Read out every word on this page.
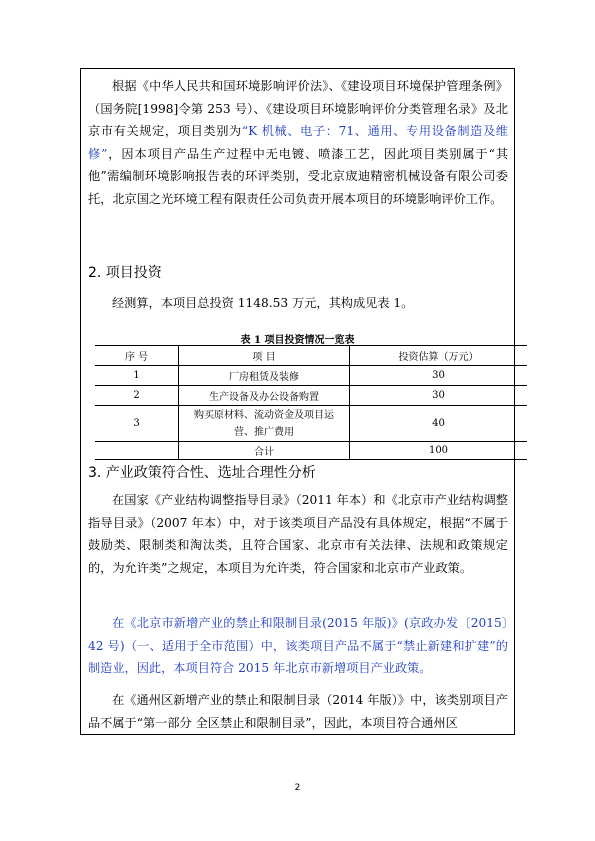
根据《中华人民共和国环境影响评价法》、《建设项目环境保护管理条例》（国务院[1998]令第 253 号）、《建设项目环境影响评价分类管理名录》及北京市有关规定，项目类别为“K 机械、电子：71、通用、专用设备制造及维修”，因本项目产品生产过程中无电镀、喷漆工艺，因此项目类别属于“其他”需编制环境影响报告表的环评类别，受北京宬迪精密机械设备有限公司委托，北京国之光环境工程有限责任公司负责开展本项目的环境影响评价工作。
2. 项目投资
经测算，本项目总投资 1148.53 万元，其构成见表 1。
表 1 项目投资情况一览表
序 号	项 目	投资估算（万元）
1	厂房租赁及装修	30
2	生产设备及办公设备购置	30
3	购买原材料、流动资金及项目运营、推广费用	40
	合计	100
3. 产业政策符合性、选址合理性分析
在国家《产业结构调整指导目录》（2011 年本）和《北京市产业结构调整指导目录》（2007 年本）中，对于该类项目产品没有具体规定，根据“不属于鼓励类、限制类和淘汰类，且符合国家、北京市有关法律、法规和政策规定的，为允许类”之规定，本项目为允许类，符合国家和北京市产业政策。
在《北京市新增产业的禁止和限制目录(2015 年版)》(京政办发〔2015〕42 号)（一、适用于全市范围）中，该类项目产品不属于“禁止新建和扩建”的制造业，因此，本项目符合 2015 年北京市新增项目产业政策。
在《通州区新增产业的禁止和限制目录（2014 年版）》中，该类别项目产品不属于“第一部分 全区禁止和限制目录”，因此，本项目符合通州区
2
